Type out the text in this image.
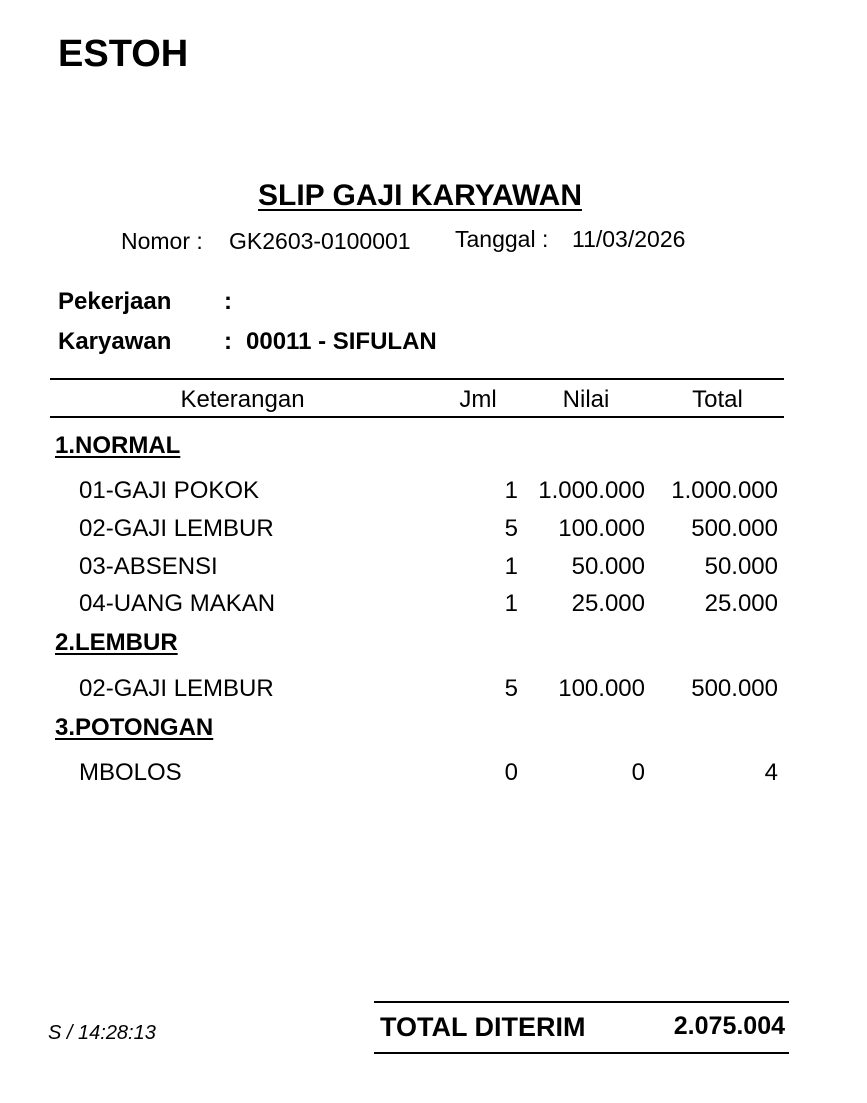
ESTOH
SLIP GAJI KARYAWAN
Nomor : GK2603-0100001 Tanggal : 11/03/2026
Pekerjaan :
Karyawan : 00011 - SIFULAN
Keterangan	Jml	Nilai	Total
1.NORMAL
01-GAJI POKOK	1 1.000.000 1.000.000
02-GAJI LEMBUR	5 100.000 500.000
03-ABSENSI	1 50.000 50.000
04-UANG MAKAN	1 25.000 25.000
2.LEMBUR
02-GAJI LEMBUR	5 100.000 500.000
3.POTONGAN
MBOLOS	0	0	4
S / 14:28:13	TOTAL DITERIM	2.075.004
